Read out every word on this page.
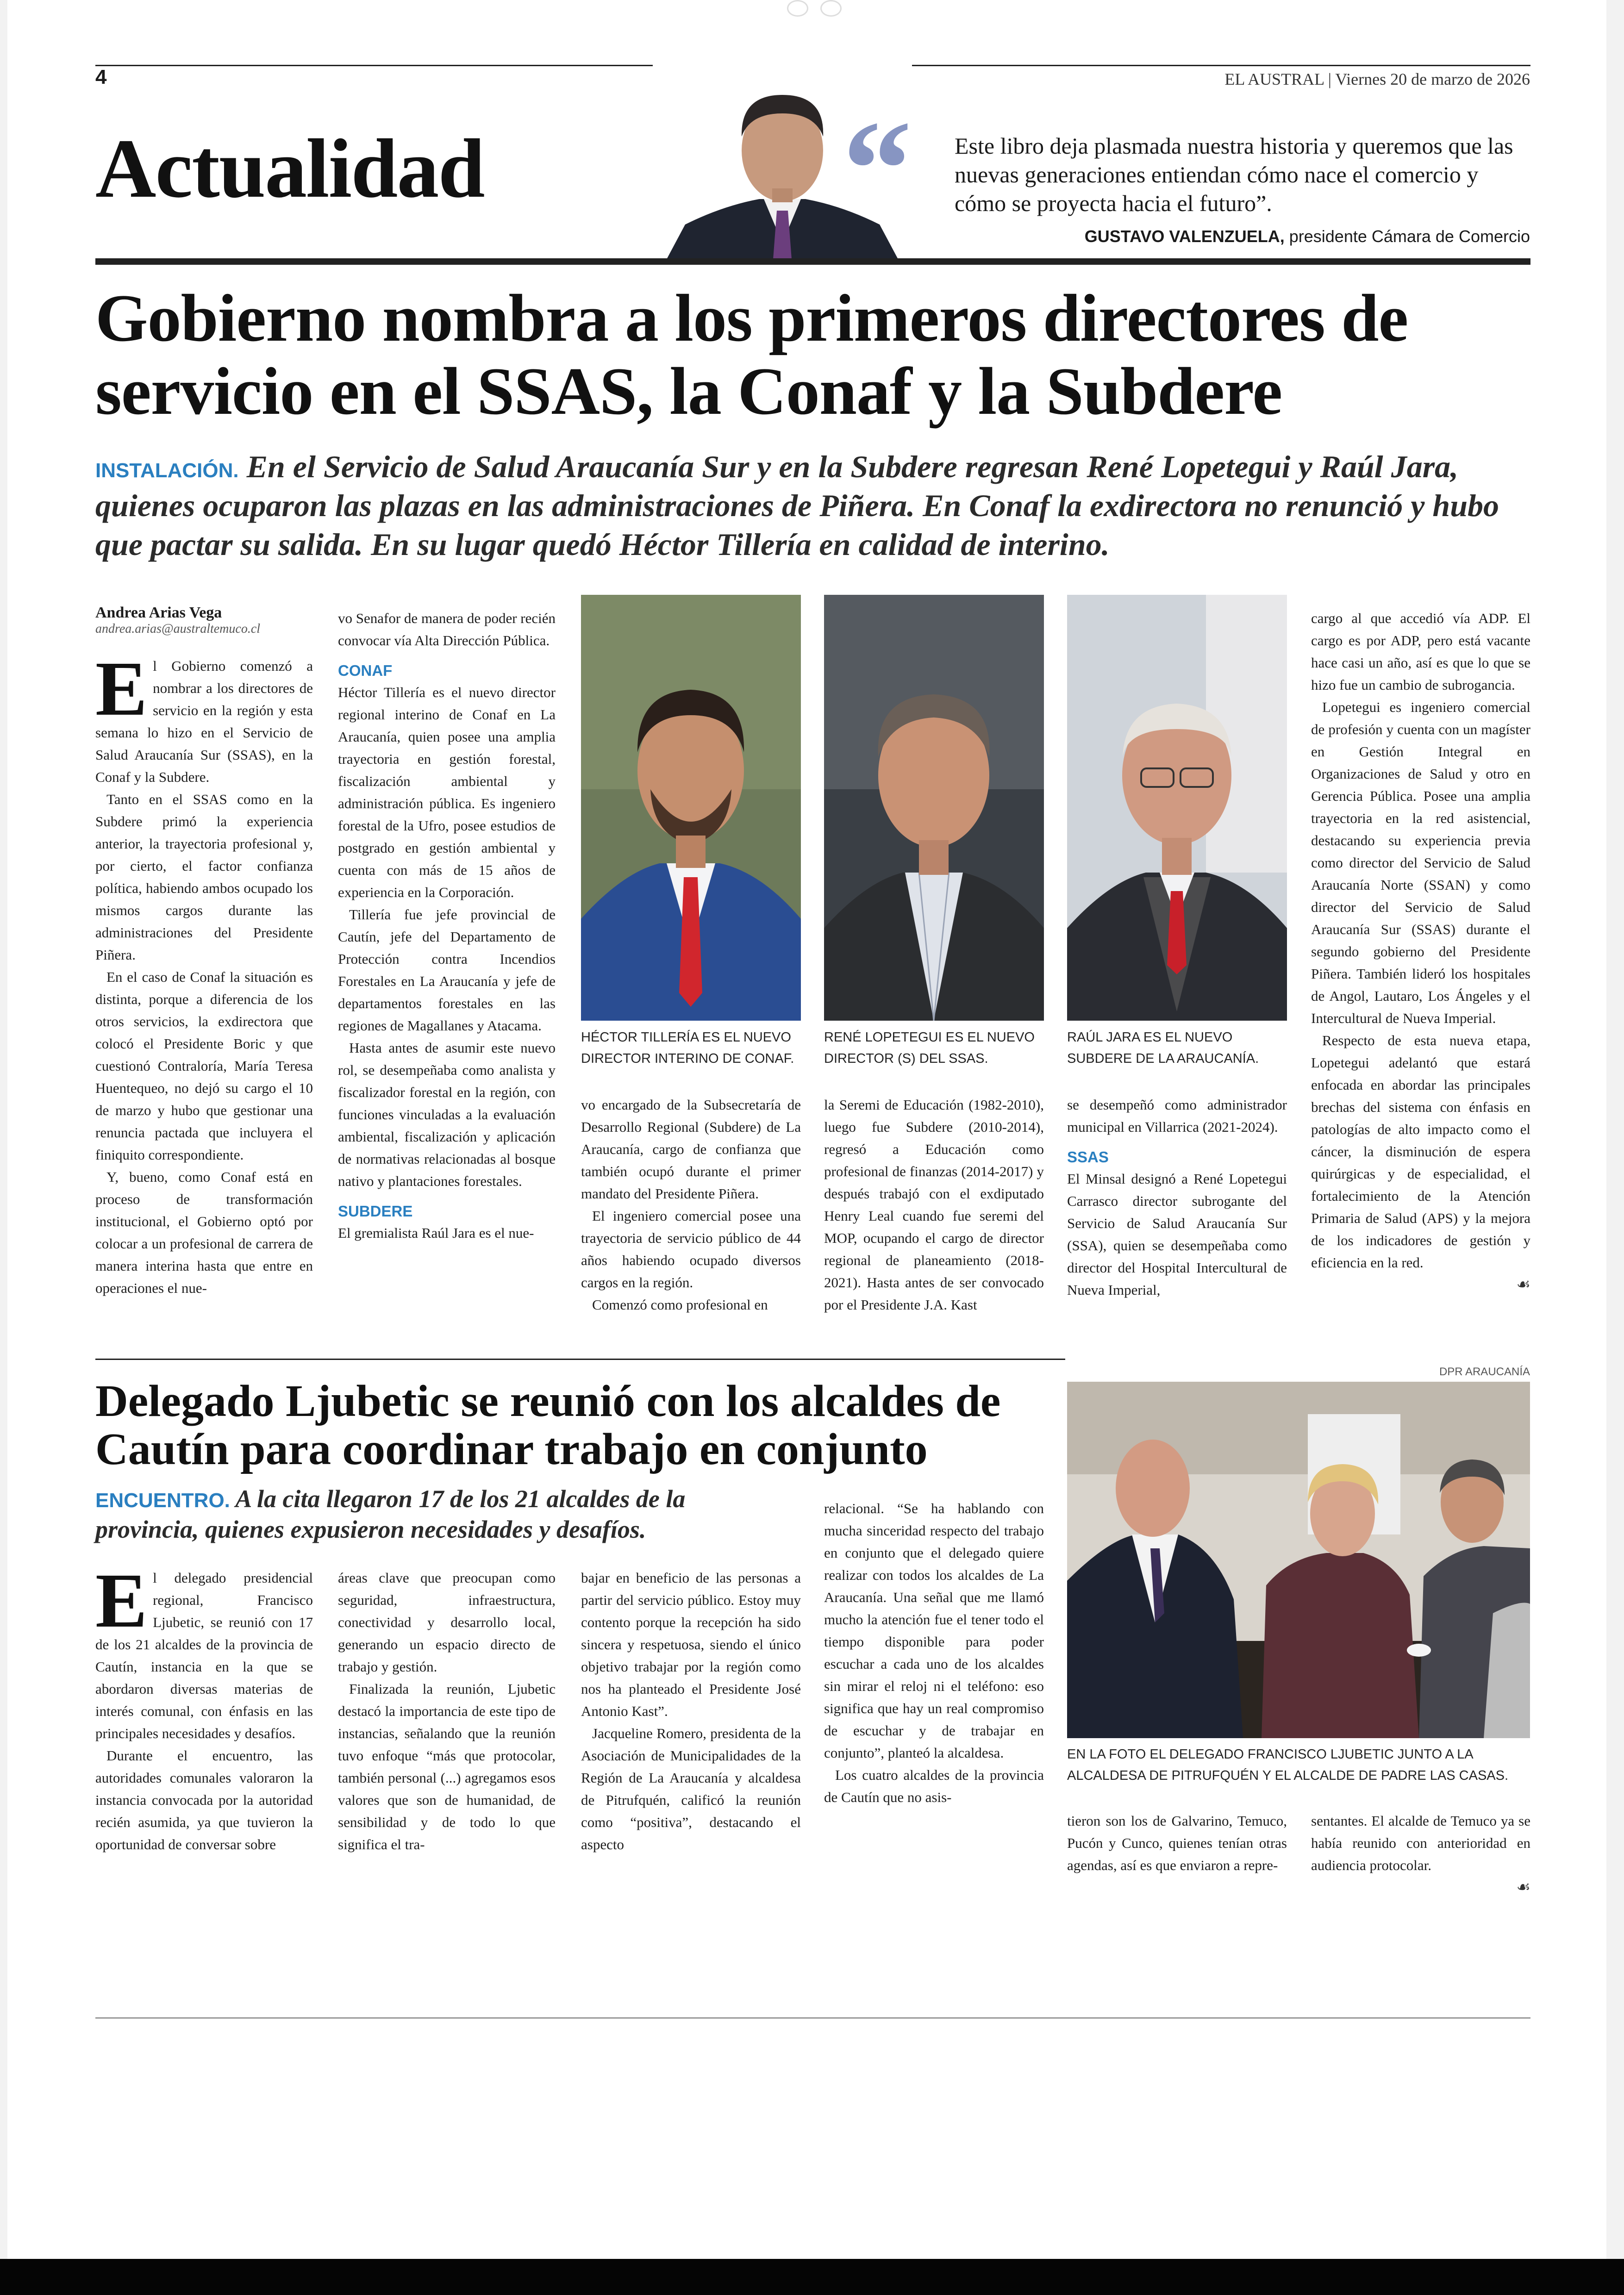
4	EL AUSTRAL | Viernes 20 de marzo de 2026
Actualidad	“ Este libro deja plasmada nuestra historia y queremos que las nuevas generaciones entiendan cómo nace el comercio y cómo se proyecta hacia el futuro”.
GUSTAVO VALENZUELA, presidente Cámara de Comercio
Gobierno nombra a los primeros directores de servicio en el SSAS, la Conaf y la Subdere
INSTALACIÓN. En el Servicio de Salud Araucanía Sur y en la Subdere regresan René Lopetegui y Raúl Jara, quienes ocuparon las plazas en las administraciones de Piñera. En Conaf la exdirectora no renunció y hubo que pactar su salida. En su lugar quedó Héctor Tillería en calidad de interino.
Andrea Arias Vega
andrea.arias@australtemuco.cl

El Gobierno comenzó a nombrar a los directores de servicio en la región y esta semana lo hizo en el Servicio de Salud Araucanía Sur (SSAS), en la Conaf y la Subdere.

Tanto en el SSAS como en la Subdere primó la experiencia anterior, la trayectoria profesional y, por cierto, el factor confianza política, habiendo ambos ocupado los mismos cargos durante las administraciones del Presidente Piñera.

En el caso de Conaf la situación es distinta, porque a diferencia de los otros servicios, la exdirectora que colocó el Presidente Boric y que cuestionó Contraloría, María Teresa Huentequeo, no dejó su cargo el 10 de marzo y hubo que gestionar una renuncia pactada que incluyera el finiquito correspondiente.

Y, bueno, como Conaf está en proceso de transformación institucional, el Gobierno optó por colocar a un profesional de carrera de manera interina hasta que entre en operaciones el nue-

vo Senafor de manera de poder recién convocar vía Alta Dirección Pública.

CONAF

Héctor Tillería es el nuevo director regional interino de Conaf en La Araucanía, quien posee una amplia trayectoria en gestión forestal, fiscalización ambiental y administración pública. Es ingeniero forestal de la Ufro, posee estudios de postgrado en gestión ambiental y cuenta con más de 15 años de experiencia en la Corporación.

Tillería fue jefe provincial de Cautín, jefe del Departamento de Protección contra Incendios Forestales en La Araucanía y jefe de departamentos forestales en las regiones de Magallanes y Atacama.

Hasta antes de asumir este nuevo rol, se desempeñaba como analista y fiscalizador forestal en la región, con funciones vinculadas a la evaluación ambiental, fiscalización y aplicación de normativas relacionadas al bosque nativo y plantaciones forestales.

SUBDERE

El gremialista Raúl Jara es el nue-

HÉCTOR TILLERÍA ES EL NUEVO DIRECTOR INTERINO DE CONAF.
RENÉ LOPETEGUI ES EL NUEVO DIRECTOR (S) DEL SSAS.
RAÚL JARA ES EL NUEVO SUBDERE DE LA ARAUCANÍA.

vo encargado de la Subsecretaría de Desarrollo Regional (Subdere) de La Araucanía, cargo de confianza que también ocupó durante el primer mandato del Presidente Piñera.

El ingeniero comercial posee una trayectoria de servicio público de 44 años habiendo ocupado diversos cargos en la región.

Comenzó como profesional en

la Seremi de Educación (1982-2010), luego fue Subdere (2010-2014), regresó a Educación como profesional de finanzas (2014-2017) y después trabajó con el exdiputado Henry Leal cuando fue seremi del MOP, ocupando el cargo de director regional de planeamiento (2018-2021). Hasta antes de ser convocado por el Presidente J.A. Kast

se desempeñó como administrador municipal en Villarrica (2021-2024).

SSAS

El Minsal designó a René Lopetegui Carrasco director subrogante del Servicio de Salud Araucanía Sur (SSA), quien se desempeñaba como director del Hospital Intercultural de Nueva Imperial,

cargo al que accedió vía ADP. El cargo es por ADP, pero está vacante hace casi un año, así es que lo que se hizo fue un cambio de subrogancia.

Lopetegui es ingeniero comercial de profesión y cuenta con un magíster en Gestión Integral en Organizaciones de Salud y otro en Gerencia Pública. Posee una amplia trayectoria en la red asistencial, destacando su experiencia previa como director del Servicio de Salud Araucanía Norte (SSAN) y como director del Servicio de Salud Araucanía Sur (SSAS) durante el segundo gobierno del Presidente Piñera. También lideró los hospitales de Angol, Lautaro, Los Ángeles y el Intercultural de Nueva Imperial.

Respecto de esta nueva etapa, Lopetegui adelantó que estará enfocada en abordar las principales brechas del sistema con énfasis en patologías de alto impacto como el cáncer, la disminución de espera quirúrgicas y de especialidad, el fortalecimiento de la Atención Primaria de Salud (APS) y la mejora de los indicadores de gestión y eficiencia en la red.

☙
DPR ARAUCANÍA
Delegado Ljubetic se reunió con los alcaldes de Cautín para coordinar trabajo en conjunto
ENCUENTRO. A la cita llegaron 17 de los 21 alcaldes de la provincia, quienes expusieron necesidades y desafíos.
EN LA FOTO EL DELEGADO FRANCISCO LJUBETIC JUNTO A LA ALCALDESA DE PITRUFQUÉN Y EL ALCALDE DE PADRE LAS CASAS.

El delegado presidencial regional, Francisco Ljubetic, se reunió con 17 de los 21 alcaldes de la provincia de Cautín, instancia en la que se abordaron diversas materias de interés comunal, con énfasis en las principales necesidades y desafíos.

Durante el encuentro, las autoridades comunales valoraron la instancia convocada por la autoridad recién asumida, ya que tuvieron la oportunidad de conversar sobre

áreas clave que preocupan como seguridad, infraestructura, conectividad y desarrollo local, generando un espacio directo de trabajo y gestión.

Finalizada la reunión, Ljubetic destacó la importancia de este tipo de instancias, señalando que la reunión tuvo enfoque “más que protocolar, también personal (...) agregamos esos valores que son de humanidad, de sensibilidad y de todo lo que significa el tra-

bajar en beneficio de las personas a partir del servicio público. Estoy muy contento porque la recepción ha sido sincera y respetuosa, siendo el único objetivo trabajar por la región como nos ha planteado el Presidente José Antonio Kast”.

Jacqueline Romero, presidenta de la Asociación de Municipalidades de la Región de La Araucanía y alcaldesa de Pitrufquén, calificó la reunión como “positiva”, destacando el aspecto

relacional. “Se ha hablando con mucha sinceridad respecto del trabajo en conjunto que el delegado quiere realizar con todos los alcaldes de La Araucanía. Una señal que me llamó mucho la atención fue el tener todo el tiempo disponible para poder escuchar a cada uno de los alcaldes sin mirar el reloj ni el teléfono: eso significa que hay un real compromiso de escuchar y de trabajar en conjunto”, planteó la alcaldesa.

Los cuatro alcaldes de la provincia de Cautín que no asis-

tieron son los de Galvarino, Temuco, Pucón y Cunco, quienes tenían otras agendas, así es que enviaron a repre-

sentantes. El alcalde de Temuco ya se había reunido con anterioridad en audiencia protocolar.

☙
